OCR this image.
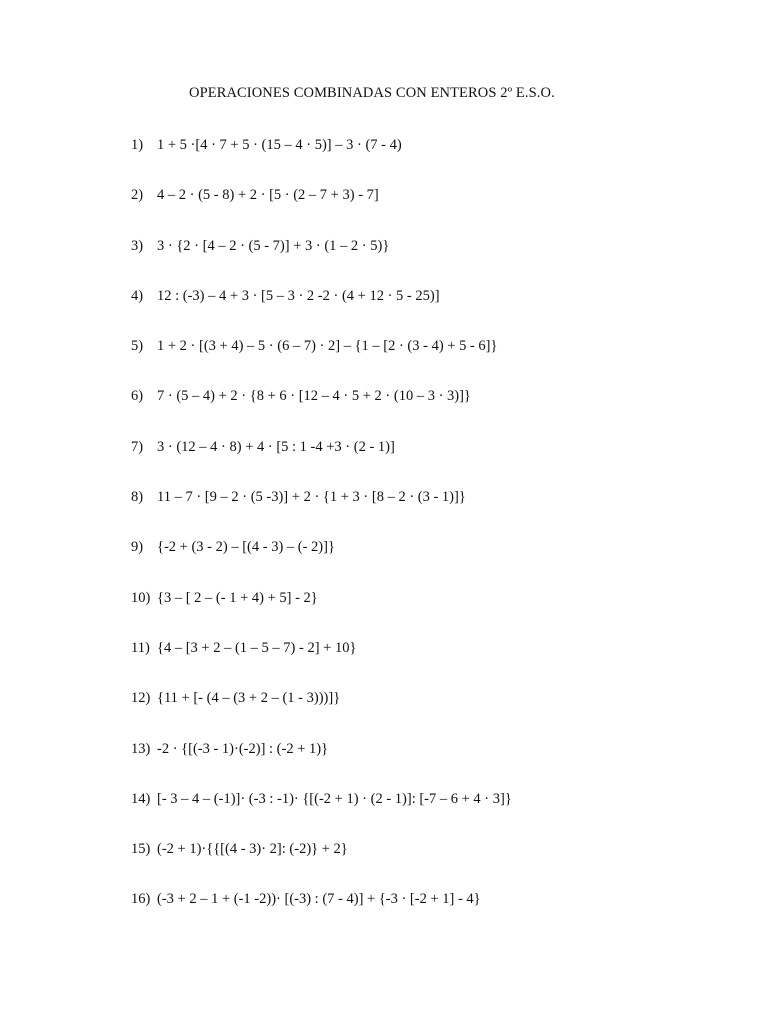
OPERACIONES COMBINADAS CON ENTEROS 2º E.S.O.
1) 1 + 5 ·[4 · 7 + 5 · (15 – 4 · 5)] – 3 · (7 - 4)
2) 4 – 2 · (5 - 8) + 2 · [5 · (2 – 7 + 3) - 7]
3) 3 · {2 · [4 – 2 · (5 - 7)] + 3 · (1 – 2 · 5)}
4) 12 : (-3) – 4 + 3 · [5 – 3 · 2 -2 · (4 + 12 · 5 - 25)]
5) 1 + 2 · [(3 + 4) – 5 · (6 – 7) · 2] – {1 – [2 · (3 - 4) + 5 - 6]}
6) 7 · (5 – 4) + 2 · {8 + 6 · [12 – 4 · 5 + 2 · (10 – 3 · 3)]}
7) 3 · (12 – 4 · 8) + 4 · [5 : 1 -4 +3 · (2 - 1)]
8) 11 – 7 · [9 – 2 · (5 -3)] + 2 · {1 + 3 · [8 – 2 · (3 - 1)]}
9) {-2 + (3 - 2) – [(4 - 3) – (- 2)]}
10) {3 – [ 2 – (- 1 + 4) + 5] - 2}
11) {4 – [3 + 2 – (1 – 5 – 7) - 2] + 10}
12) {11 + [- (4 – (3 + 2 – (1 - 3)))]}
13) -2 · {[(-3 - 1)·(-2)] : (-2 + 1)}
14) [- 3 – 4 – (-1)]· (-3 : -1)· {[(-2 + 1) · (2 - 1)]: [-7 – 6 + 4 · 3]}
15) (-2 + 1)·{{[(4 - 3)· 2]: (-2)} + 2}
16) (-3 + 2 – 1 + (-1 -2))· [(-3) : (7 - 4)] + {-3 · [-2 + 1] - 4}
